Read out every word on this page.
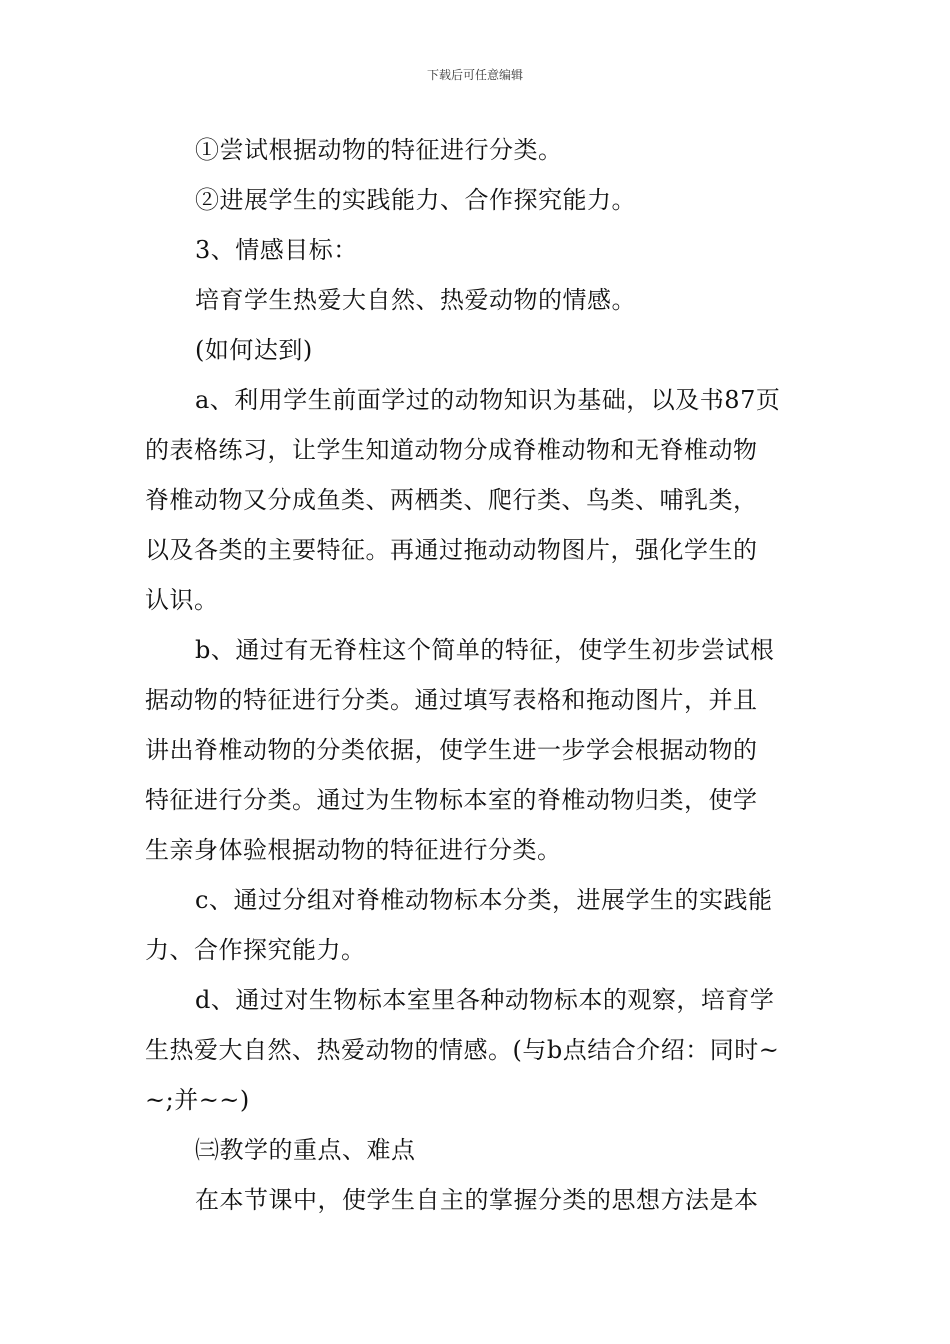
下载后可任意编辑
①尝试根据动物的特征进行分类。
②进展学生的实践能力、合作探究能力。
3、情感目标：
培育学生热爱大自然、热爱动物的情感。
(如何达到)
a、利用学生前面学过的动物知识为基础，以及书87页
的表格练习，让学生知道动物分成脊椎动物和无脊椎动物
脊椎动物又分成鱼类、两栖类、爬行类、鸟类、哺乳类，
以及各类的主要特征。再通过拖动动物图片，强化学生的
认识。
b、通过有无脊柱这个简单的特征，使学生初步尝试根
据动物的特征进行分类。通过填写表格和拖动图片，并且
讲出脊椎动物的分类依据，使学生进一步学会根据动物的
特征进行分类。通过为生物标本室的脊椎动物归类，使学
生亲身体验根据动物的特征进行分类。
c、通过分组对脊椎动物标本分类，进展学生的实践能
力、合作探究能力。
d、通过对生物标本室里各种动物标本的观察，培育学
生热爱大自然、热爱动物的情感。(与b点结合介绍：同时~
~;并~~)
㈢教学的重点、难点
在本节课中，使学生自主的掌握分类的思想方法是本
